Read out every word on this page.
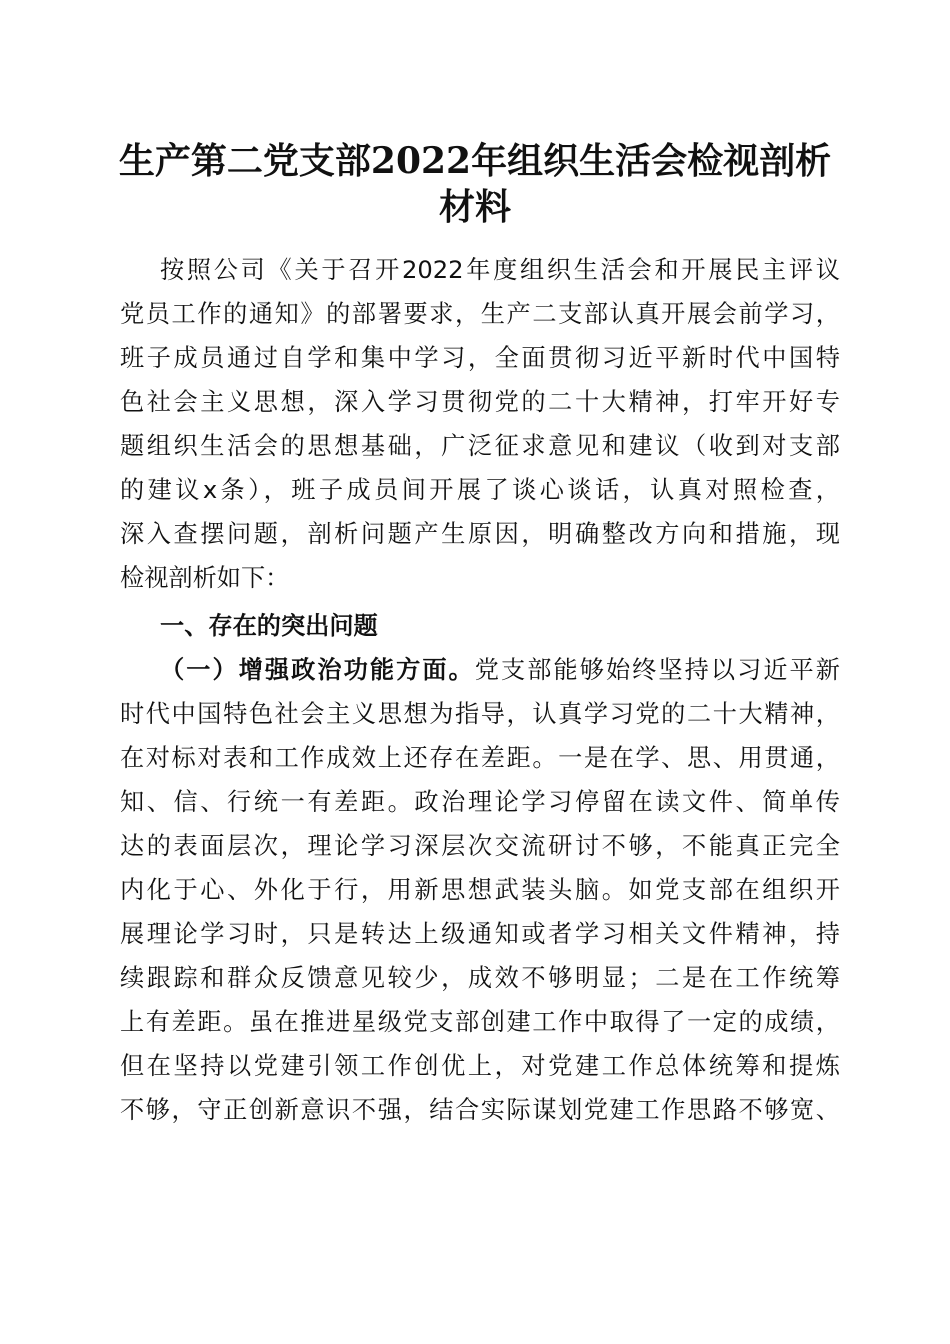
生产第二党支部2022年组织生活会检视剖析
材料

按照公司《关于召开2022年度组织生活会和开展民主评议

党员工作的通知》的部署要求，生产二支部认真开展会前学习，

班子成员通过自学和集中学习，全面贯彻习近平新时代中国特

色社会主义思想，深入学习贯彻党的二十大精神，打牢开好专

题组织生活会的思想基础，广泛征求意见和建议（收到对支部

的建议x条），班子成员间开展了谈心谈话，认真对照检查，

深入查摆问题，剖析问题产生原因，明确整改方向和措施，现

检视剖析如下：

一、存在的突出问题

（一）增强政治功能方面。党支部能够始终坚持以习近平新

时代中国特色社会主义思想为指导，认真学习党的二十大精神，

在对标对表和工作成效上还存在差距。一是在学、思、用贯通，

知、信、行统一有差距。政治理论学习停留在读文件、简单传

达的表面层次，理论学习深层次交流研讨不够，不能真正完全

内化于心、外化于行，用新思想武装头脑。如党支部在组织开

展理论学习时，只是转达上级通知或者学习相关文件精神，持

续跟踪和群众反馈意见较少，成效不够明显；二是在工作统筹

上有差距。虽在推进星级党支部创建工作中取得了一定的成绩，

但在坚持以党建引领工作创优上，对党建工作总体统筹和提炼

不够，守正创新意识不强，结合实际谋划党建工作思路不够宽、
